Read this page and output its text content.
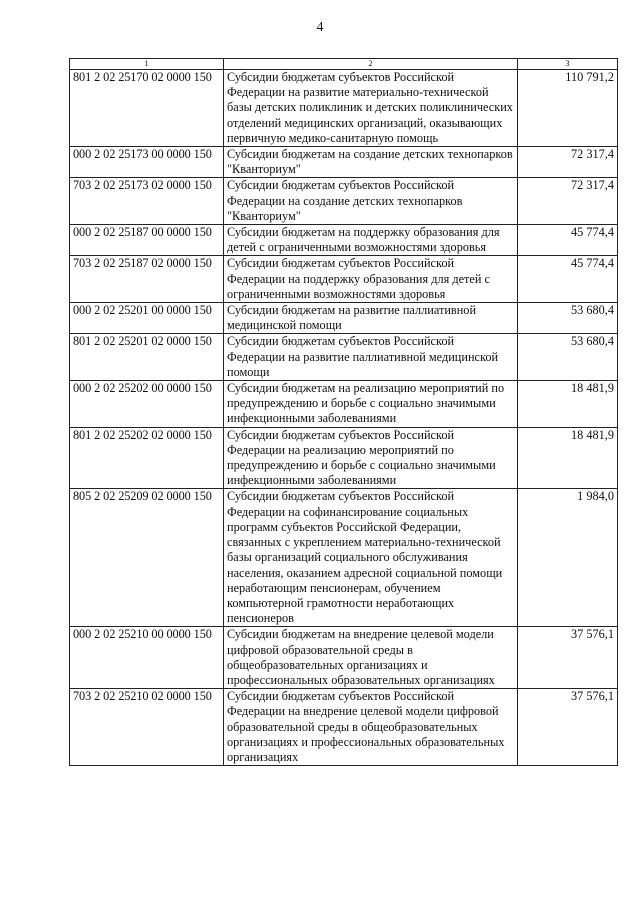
4
1	2	3
801 2 02 25170 02 0000 150	Субсидии бюджетам субъектов Российской Федерации на развитие материально-технической базы детских поликлиник и детских поликлинических отделений медицинских организаций, оказывающих первичную медико-санитарную помощь	110 791,2
000 2 02 25173 00 0000 150	Субсидии бюджетам на создание детских технопарков "Кванториум"	72 317,4
703 2 02 25173 02 0000 150	Субсидии бюджетам субъектов Российской Федерации на создание детских технопарков "Кванториум"	72 317,4
000 2 02 25187 00 0000 150	Субсидии бюджетам на поддержку образования для детей с ограниченными возможностями здоровья	45 774,4
703 2 02 25187 02 0000 150	Субсидии бюджетам субъектов Российской Федерации на поддержку образования для детей с ограниченными возможностями здоровья	45 774,4
000 2 02 25201 00 0000 150	Субсидии бюджетам на развитие паллиативной медицинской помощи	53 680,4
801 2 02 25201 02 0000 150	Субсидии бюджетам субъектов Российской Федерации на развитие паллиативной медицинской помощи	53 680,4
000 2 02 25202 00 0000 150	Субсидии бюджетам на реализацию мероприятий по предупреждению и борьбе с социально значимыми инфекционными заболеваниями	18 481,9
801 2 02 25202 02 0000 150	Субсидии бюджетам субъектов Российской Федерации на реализацию мероприятий по предупреждению и борьбе с социально значимыми инфекционными заболеваниями	18 481,9
805 2 02 25209 02 0000 150	Субсидии бюджетам субъектов Российской Федерации на софинансирование социальных программ субъектов Российской Федерации, связанных с укреплением материально-технической базы организаций социального обслуживания населения, оказанием адресной социальной помощи неработающим пенсионерам, обучением компьютерной грамотности неработающих пенсионеров	1 984,0
000 2 02 25210 00 0000 150	Субсидии бюджетам на внедрение целевой модели цифровой образовательной среды в общеобразовательных организациях и профессиональных образовательных организациях	37 576,1
703 2 02 25210 02 0000 150	Субсидии бюджетам субъектов Российской Федерации на внедрение целевой модели цифровой образовательной среды в общеобразовательных организациях и профессиональных образовательных организациях	37 576,1
